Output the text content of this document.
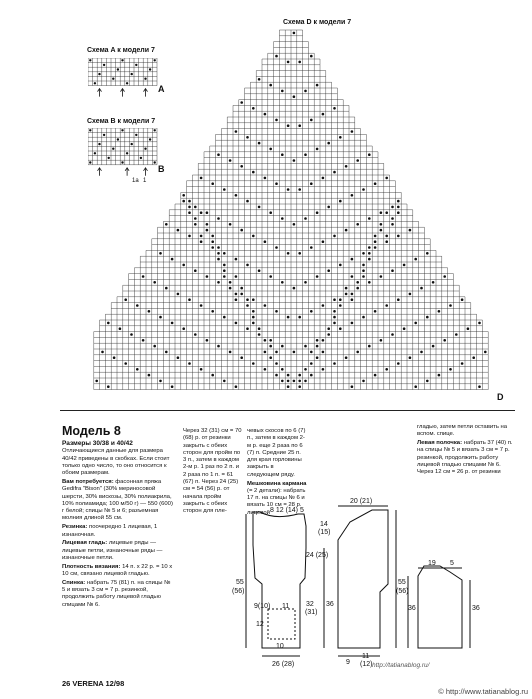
Схема D к модели 7
D
Схема A к модели 7
A
Схема B к модели 7
B
1a 1

Модель 8

Размеры 30/38 и 40/42

Отличающиеся данные для размера 40/42 приведены в скобках. Если стоит только одно число, то оно относится к обоим размерам.

Вам потребуется: фасонная пряжа Gedifra "Bison" (30% мериносовой шерсти, 30% вискозы, 30% полиакрила, 10% полиамида; 100 м/50 г) — 550 (600) г белой; спицы № 5 и 6; разъемная молния длиной 55 см.

Резинка: поочередно 1 лицевая, 1 изнаночная.

Лицевая гладь: лицевые ряды — лицевые петли, изнаночные ряды — изнаночные петли.

Плотность вязания: 14 п. х 22 р. = 10 х 10 см, связано лицевой гладью.

Спинка: набрать 75 (81) п. на спицы № 5 и вязать 3 см = 7 р. резинкой, продолжить работу лицевой гладью спицами № 6.

Через 32 (31) см = 70 (68) р. от резинки закрыть с обеих сторон для пройм по 3 п., затем в каждом 2-м р. 1 раз по 2 п. и 2 раза по 1 п. = 61 (67) п. Через 24 (25) см = 54 (56) р. от начала пройм закрыть с обеих сторон для пле-

чевых скосов по 6 (7) п., затем в каждом 2-м р. еще 2 раза по 6 (7) п. Средние 25 п. для края горловины закрыть в следующем ряду.

Мешковина кармана (= 2 детали): набрать 17 п. на спицы № 6 и вязать 10 см = 28 р. лицевой

гладью, затем петли оставить на вспом. спице.

Левая полочка: набрать 37 (40) п. на спицы № 5 и вязать 3 см = 7 р. резинкой, продолжить работу лицевой гладью спицами № 6. Через 12 см = 26 р. от резинки

8 12 (14) 5
55
(56)
24 (25)
32
(31)
9(10)
12
11
10
26 (28)
20 (21)
14
(15)
55
(56)
36
9
11
(12)
19 5
36
36
http://tatianablog.ru/
26 VERENA 12/98
© http://www.tatianablog.ru
